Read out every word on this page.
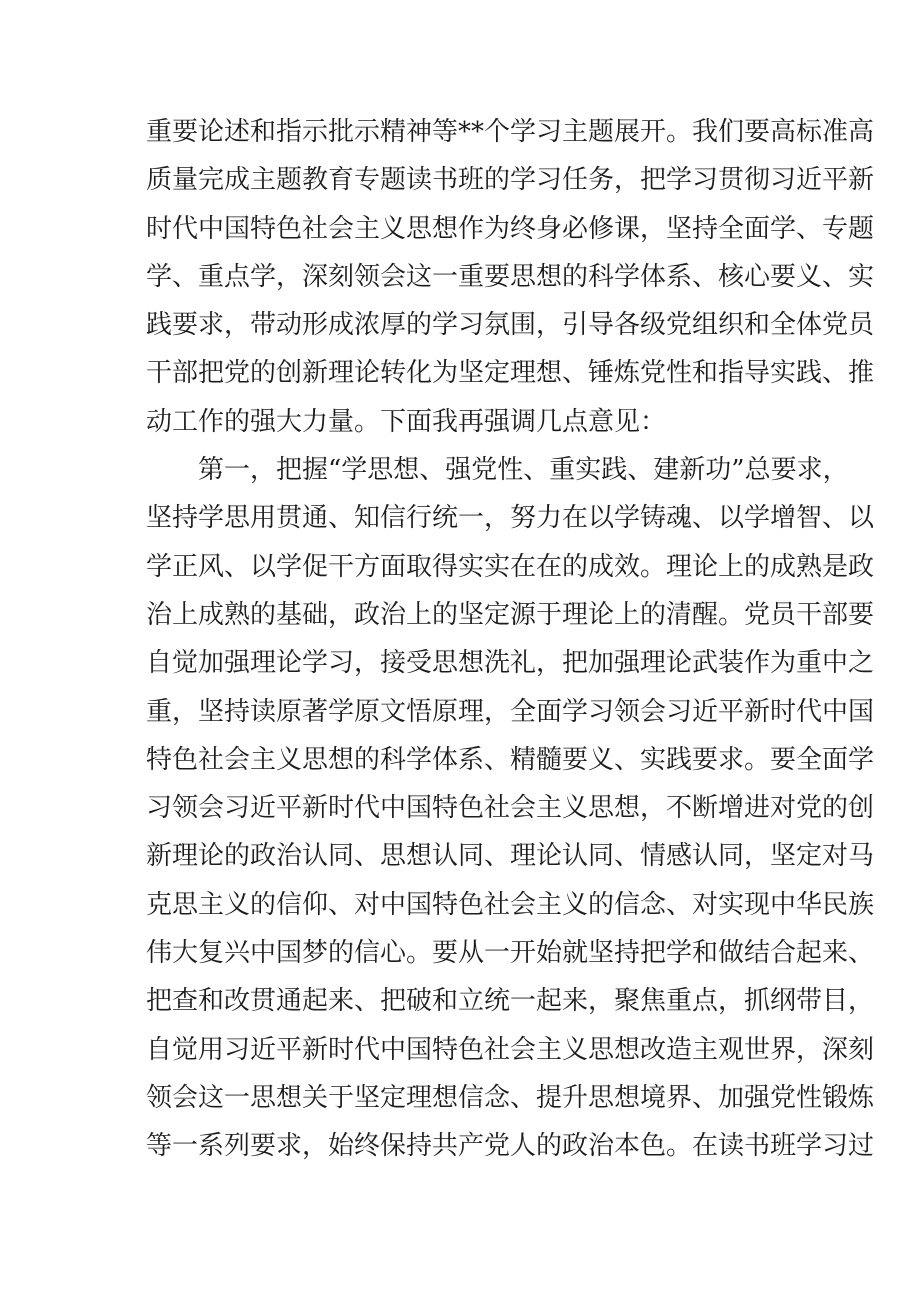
重要论述和指示批示精神等**个学习主题展开。我们要高标准高
质量完成主题教育专题读书班的学习任务，把学习贯彻习近平新
时代中国特色社会主义思想作为终身必修课，坚持全面学、专题
学、重点学，深刻领会这一重要思想的科学体系、核心要义、实
践要求，带动形成浓厚的学习氛围，引导各级党组织和全体党员
干部把党的创新理论转化为坚定理想、锤炼党性和指导实践、推
动工作的强大力量。下面我再强调几点意见：
第一，把握“学思想、强党性、重实践、建新功”总要求，
坚持学思用贯通、知信行统一，努力在以学铸魂、以学增智、以
学正风、以学促干方面取得实实在在的成效。理论上的成熟是政
治上成熟的基础，政治上的坚定源于理论上的清醒。党员干部要
自觉加强理论学习，接受思想洗礼，把加强理论武装作为重中之
重，坚持读原著学原文悟原理，全面学习领会习近平新时代中国
特色社会主义思想的科学体系、精髓要义、实践要求。要全面学
习领会习近平新时代中国特色社会主义思想，不断增进对党的创
新理论的政治认同、思想认同、理论认同、情感认同，坚定对马
克思主义的信仰、对中国特色社会主义的信念、对实现中华民族
伟大复兴中国梦的信心。要从一开始就坚持把学和做结合起来、
把查和改贯通起来、把破和立统一起来，聚焦重点，抓纲带目，
自觉用习近平新时代中国特色社会主义思想改造主观世界，深刻
领会这一思想关于坚定理想信念、提升思想境界、加强党性锻炼
等一系列要求，始终保持共产党人的政治本色。在读书班学习过
